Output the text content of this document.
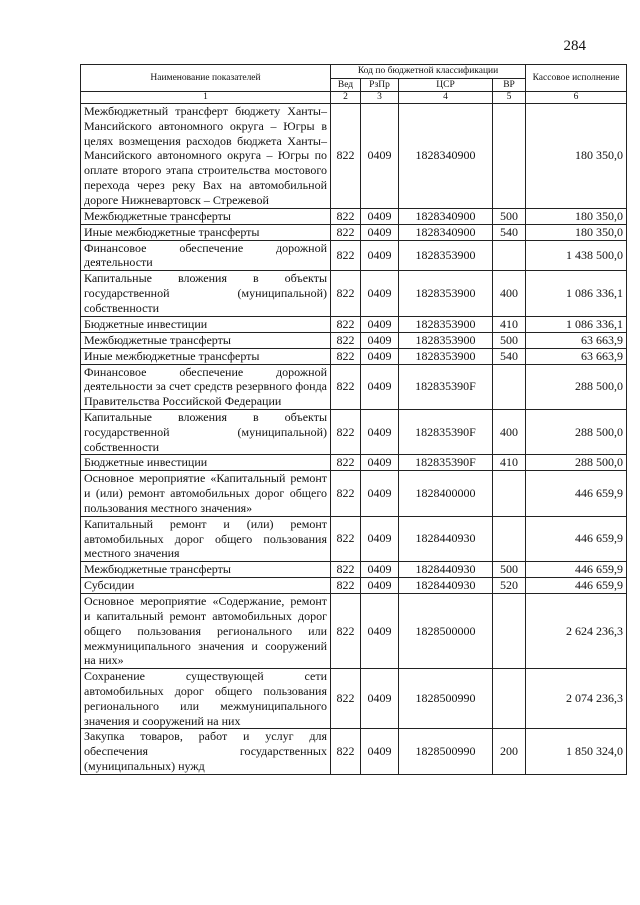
284
Наименование показателей	Код по бюджетной классификации				Кассовое исполнение
	Вед	РзПр	ЦСР	ВР	
1	2	3	4	5	6
Межбюджетный трансферт бюджету Ханты–Мансийского автономного округа – Югры в целях возмещения расходов бюджета Ханты–Мансийского автономного округа – Югры по оплате второго этапа строительства мостового перехода через реку Вах на автомобильной дороге Нижневартовск – Стрежевой	822	0409	1828340900		180 350,0
Межбюджетные трансферты	822	0409	1828340900	500	180 350,0
Иные межбюджетные трансферты	822	0409	1828340900	540	180 350,0
Финансовое обеспечение дорожной деятельности	822	0409	1828353900		1 438 500,0
Капитальные вложения в объекты государственной (муниципальной) собственности	822	0409	1828353900	400	1 086 336,1
Бюджетные инвестиции	822	0409	1828353900	410	1 086 336,1
Межбюджетные трансферты	822	0409	1828353900	500	63 663,9
Иные межбюджетные трансферты	822	0409	1828353900	540	63 663,9
Финансовое обеспечение дорожной деятельности за счет средств резервного фонда Правительства Российской Федерации	822	0409	182835390F		288 500,0
Капитальные вложения в объекты государственной (муниципальной) собственности	822	0409	182835390F	400	288 500,0
Бюджетные инвестиции	822	0409	182835390F	410	288 500,0
Основное мероприятие «Капитальный ремонт и (или) ремонт автомобильных дорог общего пользования местного значения»	822	0409	1828400000		446 659,9
Капитальный ремонт и (или) ремонт автомобильных дорог общего пользования местного значения	822	0409	1828440930		446 659,9
Межбюджетные трансферты	822	0409	1828440930	500	446 659,9
Субсидии	822	0409	1828440930	520	446 659,9
Основное мероприятие «Содержание, ремонт и капитальный ремонт автомобильных дорог общего пользования регионального или межмуниципального значения и сооружений на них»	822	0409	1828500000		2 624 236,3
Сохранение существующей сети автомобильных дорог общего пользования регионального или межмуниципального значения и сооружений на них	822	0409	1828500990		2 074 236,3
Закупка товаров, работ и услуг для обеспечения государственных (муниципальных) нужд	822	0409	1828500990	200	1 850 324,0
